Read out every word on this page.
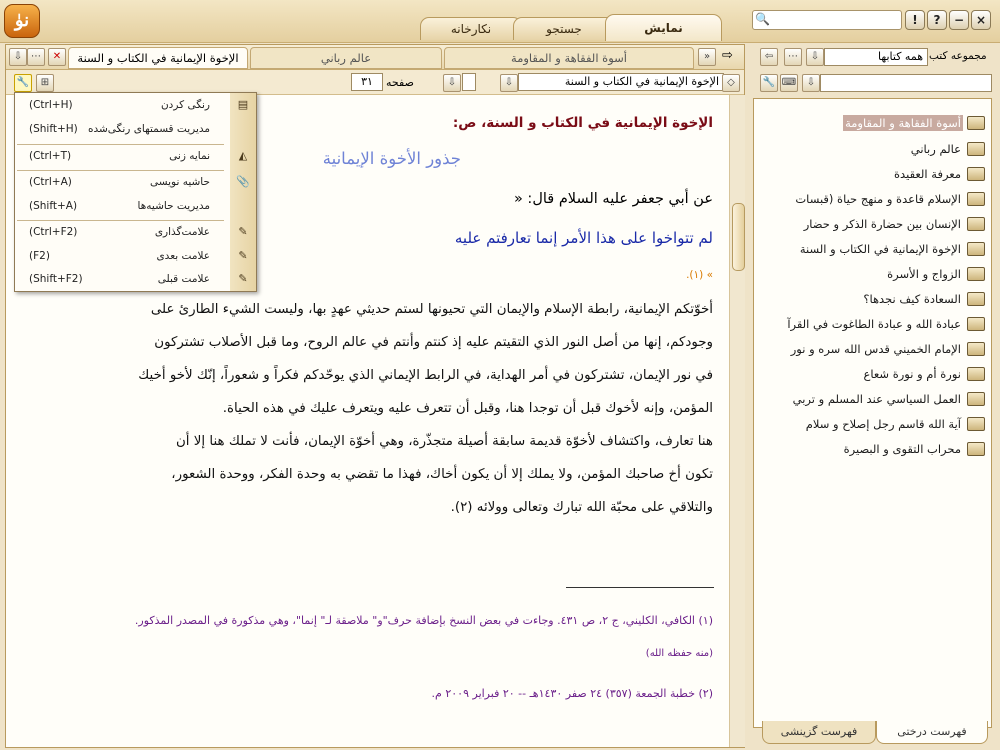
نوٰ	نکارخانه	جستجو	نمایش
🔍	!	?	− ×
⇩ ⋯	✕	الإخوة الإيمانية في الكتاب و السنة	عالم رباني	أسوة الفقاهة و المقاومة	» ⇨
🔧	⊞	٣١	صفحه	⇩	⇩	الإخوة الإيمانية في الكتاب و السنة ◇
الإخوة الإيمانية في الكتاب و السنة، ص:
جذور الأخوة الإيمانية
عن أبي جعفر عليه السلام قال: «
لم تتواخوا على هذا الأمر إنما تعارفتم عليه
» (١).
أخوّتكم الإيمانية، رابطة الإسلام والإيمان التي تحيونها لستم حديثي عهدٍ بها، وليست الشيء الطارئ على
وجودكم، إنها من أصل النور الذي التقيتم عليه إذ كنتم وأنتم في عالم الروح، وما قبل الأصلاب تشتركون
في نور الإيمان، تشتركون في أمر الهداية، في الرابط الإيماني الذي يوحّدكم فكراً و شعوراً، إنّك لأخو أخيك
المؤمن، وإنه لأخوك قبل أن توجدا هنا، وقبل أن تتعرف عليه ويتعرف عليك في هذه الحياة.
هنا تعارف، واكتشاف لأخوّة قديمة سابقة أصيلة متجذّرة، وهي أخوّة الإيمان، فأنت لا تملك هنا إلا أن
تكون أخ صاحبك المؤمن، ولا يملك إلا أن يكون أخاك، فهذا ما تقضي به وحدة الفكر، ووحدة الشعور،
والتلاقي على محبّة الله تبارك وتعالى وولائه (٢).
(١) الكافي، الكليني، ج ٢، ص ٤٣١. وجاءت في بعض النسخ بإضافة حرف"و" ملاصقة لـ" إنما"، وهي مذكورة في المصدر المذكور.
(منه حفظه الله)
(٢) خطبة الجمعة (٣٥٧) ٢٤ صفر ١٤٣٠هـ -- ٢٠ فبراير ٢٠٠٩ م.
(Ctrl+H)	رنگی کردن	▤
(Shift+H) مدیریت قسمتهای رنگی‌شده
(Ctrl+T)	نمایه زنی	◭
(Ctrl+A)	حاشیه نویسی 📎
(Shift+A)	مدیریت حاشیه‌ها
(Ctrl+F2)	علامت‌گذاری	✎
(F2)	علامت بعدی	✎
(Shift+F2)	علامت قبلی	✎
⇦	⋯	⇩	همه کتابها مجموعه کتب
🔧 ⌨	⇩
أسوة الفقاهة و المقاومة
عالم رباني
معرفة العقيدة
الإسلام قاعدة و منهج حياة (قبسات
الإنسان بين حضارة الذكر و حضار
الإخوة الإيمانية في الكتاب و السنة
الزواج و الأسرة
السعادة كيف نجدها؟
عبادة الله و عبادة الطاغوت في القرآ
الإمام الخميني قدس الله سره و نور
نورة أم و نورة شعاع
العمل السياسي عند المسلم و تربي
آية الله قاسم رجل إصلاح و سلام
محراب التقوى و البصيرة
فهرست درختی
فهرست گزینشی
